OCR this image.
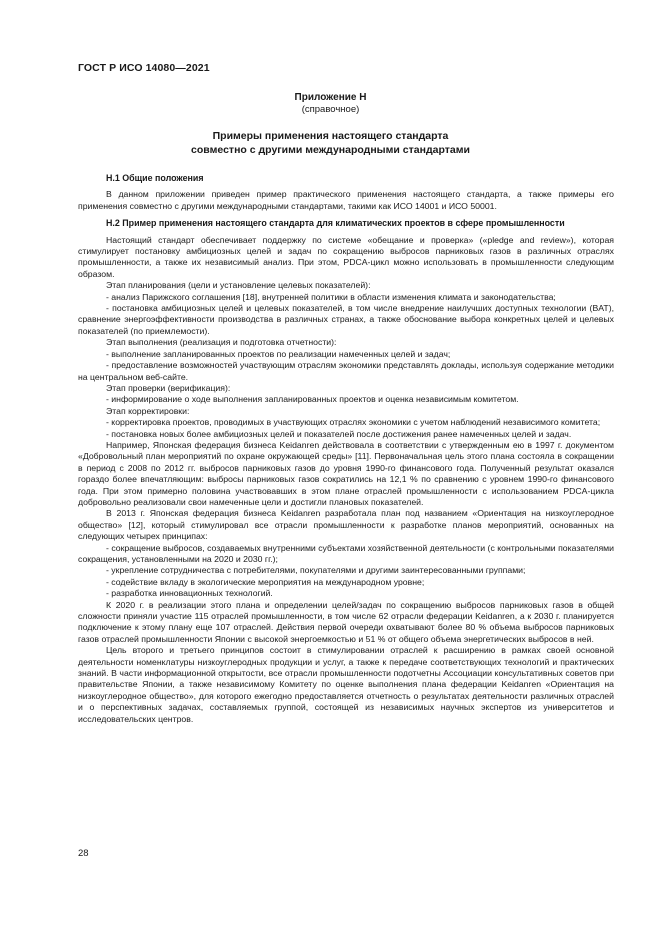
ГОСТ Р ИСО 14080—2021
Приложение Н
(справочное)
Примеры применения настоящего стандарта
совместно с другими международными стандартами
Н.1 Общие положения

В данном приложении приведен пример практического применения настоящего стандарта, а также примеры его применения совместно с другими международными стандартами, такими как ИСО 14001 и ИСО 50001.

Н.2 Пример применения настоящего стандарта для климатических проектов в сфере промышленности

Настоящий стандарт обеспечивает поддержку по системе «обещание и проверка» («pledge and review»), которая стимулирует постановку амбициозных целей и задач по сокращению выбросов парниковых газов в различных отраслях промышленности, а также их независимый анализ. При этом, PDCA-цикл можно использовать в промышленности следующим образом.

Этап планирования (цели и установление целевых показателей):

- анализ Парижского соглашения [18], внутренней политики в области изменения климата и законодательства;

- постановка амбициозных целей и целевых показателей, в том числе внедрение наилучших доступных технологии (BAT), сравнение энергоэффективности производства в различных странах, а также обоснование выбора конкретных целей и целевых показателей (по приемлемости).

Этап выполнения (реализация и подготовка отчетности):

- выполнение запланированных проектов по реализации намеченных целей и задач;

- предоставление возможностей участвующим отраслям экономики представлять доклады, используя содержание методики на центральном веб-сайте.

Этап проверки (верификация):

- информирование о ходе выполнения запланированных проектов и оценка независимым комитетом.

Этап корректировки:

- корректировка проектов, проводимых в участвующих отраслях экономики с учетом наблюдений независимого комитета;

- постановка новых более амбициозных целей и показателей после достижения ранее намеченных целей и задач.

Например, Японская федерация бизнеса Keidanren действовала в соответствии с утвержденным ею в 1997 г. документом «Добровольный план мероприятий по охране окружающей среды» [11]. Первоначальная цель этого плана состояла в сокращении в период с 2008 по 2012 гг. выбросов парниковых газов до уровня 1990-го финансового года. Полученный результат оказался гораздо более впечатляющим: выбросы парниковых газов сократились на 12,1 % по сравнению с уровнем 1990-го финансового года. При этом примерно половина участвовавших в этом плане отраслей промышленности с использованием PDCA-цикла добровольно реализовали свои намеченные цели и достигли плановых показателей.

В 2013 г. Японская федерация бизнеса Keidanren разработала план под названием «Ориентация на низкоуглеродное общество» [12], который стимулировал все отрасли промышленности к разработке планов мероприятий, основанных на следующих четырех принципах:

- сокращение выбросов, создаваемых внутренними субъектами хозяйственной деятельности (с контрольными показателями сокращения, установленными на 2020 и 2030 гг.);

- укрепление сотрудничества с потребителями, покупателями и другими заинтересованными группами;

- содействие вкладу в экологические мероприятия на международном уровне;

- разработка инновационных технологий.

К 2020 г. в реализации этого плана и определении целей/задач по сокращению выбросов парниковых газов в общей сложности приняли участие 115 отраслей промышленности, в том числе 62 отрасли федерации Keidanren, а к 2030 г. планируется подключение к этому плану еще 107 отраслей. Действия первой очереди охватывают более 80 % объема выбросов парниковых газов отраслей промышленности Японии с высокой энергоемкостью и 51 % от общего объема энергетических выбросов в ней.

Цель второго и третьего принципов состоит в стимулировании отраслей к расширению в рамках своей основной деятельности номенклатуры низкоуглеродных продукции и услуг, а также к передаче соответствующих технологий и практических знаний. В части информационной открытости, все отрасли промышленности подотчетны Ассоциации консультативных советов при правительстве Японии, а также независимому Комитету по оценке выполнения плана федерации Keidanren «Ориентация на низкоуглеродное общество», для которого ежегодно предоставляется отчетность о результатах деятельности различных отраслей и о перспективных задачах, составляемых группой, состоящей из независимых научных экспертов из университетов и исследовательских центров.

28
